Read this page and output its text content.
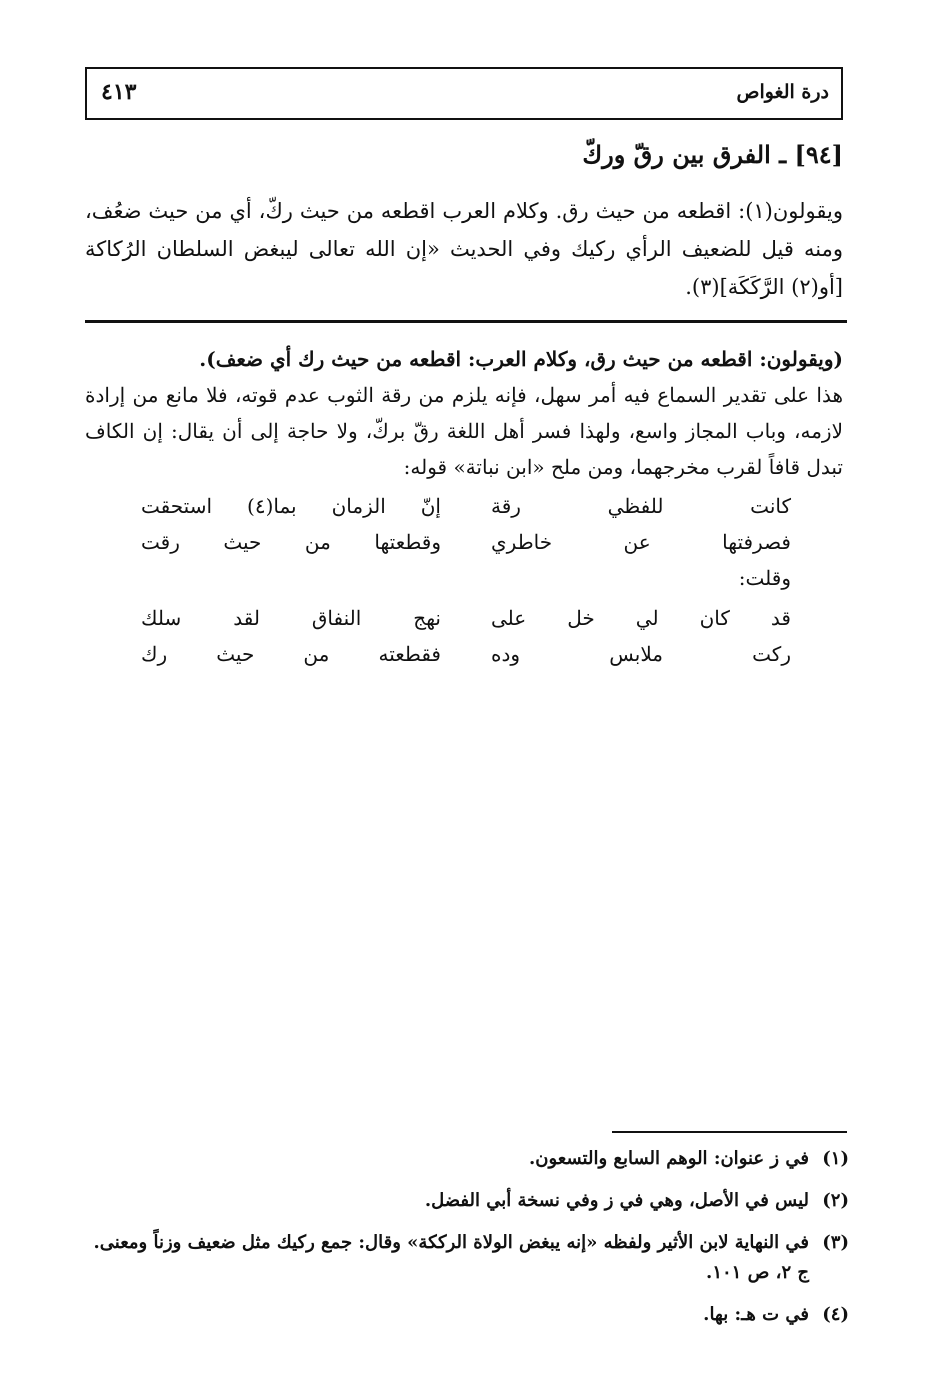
درة الغواص
٤١٣
[٩٤] ـ الفرق بين رقّ وركّ

ويقولون(١): اقطعه من حيث رق. وكلام العرب اقطعه من حيث ركّ، أي من حيث ضعُف، ومنه قيل للضعيف الرأي ركيك وفي الحديث «إن الله تعالى ليبغض السلطان الرُكاكة [أو(٢) الرَّكَكَة](٣).

(ويقولون: اقطعه من حيث رق، وكلام العرب: اقطعه من حيث رك أي ضعف).

هذا على تقدير السماع فيه أمر سهل، فإنه يلزم من رقة الثوب عدم قوته، فلا مانع من إرادة لازمه، وباب المجاز واسع، ولهذا فسر أهل اللغة رقّ بركّ، ولا حاجة إلى أن يقال: إن الكاف تبدل قافاً لقرب مخرجهما، ومن ملح «ابن نباتة» قوله:

كانت للفظي رقة
إنّ الزمان بما(٤) استحقت
فصرفتها عن خاطري
وقطعتها من حيث رقت
وقلت:
قد كان لي خل على
نهج النفاق لقد سلك
ركت ملابس وده
فقطعته من حيث رك
(١)
في ز عنوان: الوهم السابع والتسعون.
(٢)
ليس في الأصل، وهي في ز وفي نسخة أبي الفضل.
(٣)
في النهاية لابن الأثير ولفظه «إنه يبغض الولاة الرككة» وقال: جمع ركيك مثل ضعيف وزناً ومعنى. ج ٢، ص ١٠١.
(٤)
في ت هـ: بها.
